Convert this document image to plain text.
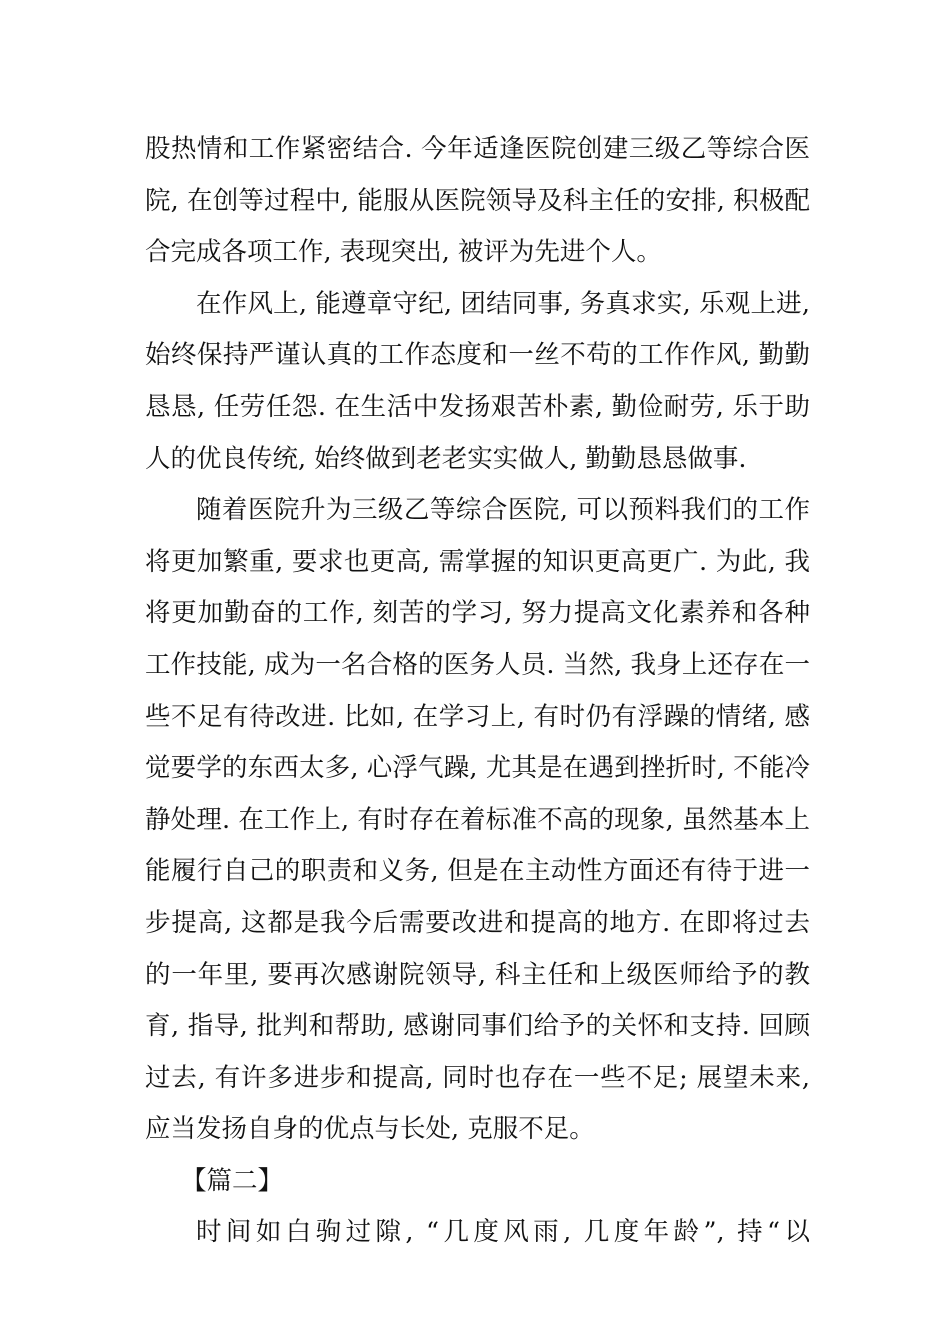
股热情和工作紧密结合. 今年适逢医院创建三级乙等综合医
院, 在创等过程中, 能服从医院领导及科主任的安排, 积极配
合完成各项工作, 表现突出, 被评为先进个人。
在作风上, 能遵章守纪, 团结同事, 务真求实, 乐观上进,
始终保持严谨认真的工作态度和一丝不苟的工作作风, 勤勤
恳恳, 任劳任怨. 在生活中发扬艰苦朴素, 勤俭耐劳, 乐于助
人的优良传统, 始终做到老老实实做人, 勤勤恳恳做事.
随着医院升为三级乙等综合医院, 可以预料我们的工作
将更加繁重, 要求也更高, 需掌握的知识更高更广. 为此, 我
将更加勤奋的工作, 刻苦的学习, 努力提高文化素养和各种
工作技能, 成为一名合格的医务人员. 当然, 我身上还存在一
些不足有待改进. 比如, 在学习上, 有时仍有浮躁的情绪, 感
觉要学的东西太多, 心浮气躁, 尤其是在遇到挫折时, 不能冷
静处理. 在工作上, 有时存在着标准不高的现象, 虽然基本上
能履行自己的职责和义务, 但是在主动性方面还有待于进一
步提高, 这都是我今后需要改进和提高的地方. 在即将过去
的一年里, 要再次感谢院领导, 科主任和上级医师给予的教
育, 指导, 批判和帮助, 感谢同事们给予的关怀和支持. 回顾
过去, 有许多进步和提高, 同时也存在一些不足; 展望未来,
应当发扬自身的优点与长处, 克服不足。
【篇二】
时间如白驹过隙, “几度风雨, 几度年龄”, 持“以
